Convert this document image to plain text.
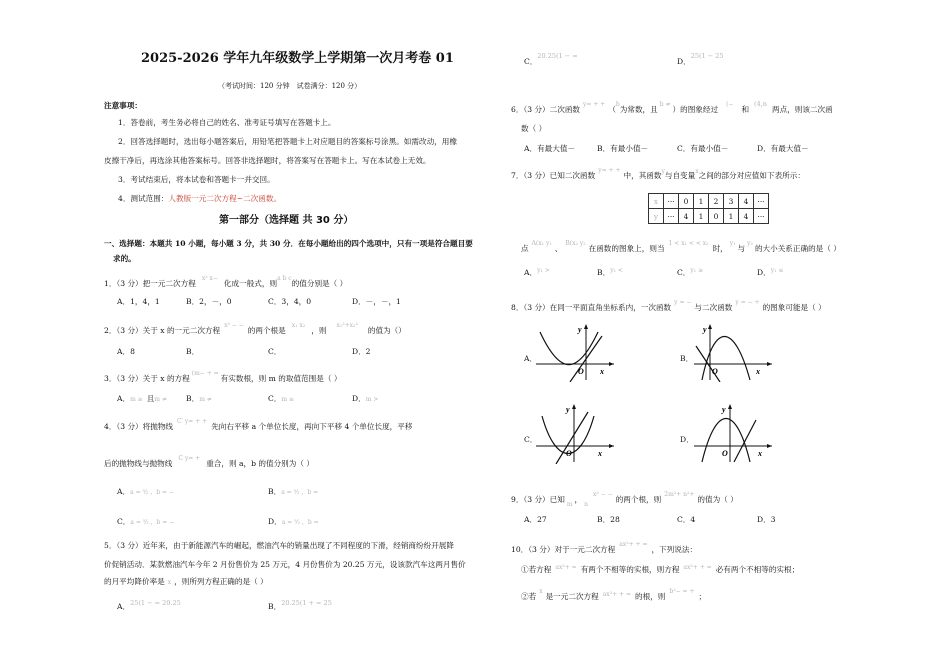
2025-2026 学年九年级数学上学期第一次月考卷 01
（考试时间：120 分钟　试卷满分：120 分）
注意事项：
1．答卷前，考生务必将自己的姓名、准考证号填写在答题卡上。
2．回答选择题时，选出每小题答案后，用铅笔把答题卡上对应题目的答案标号涂黑。如需改动，用橡
皮擦干净后，再选涂其他答案标号。回答非选择题时，将答案写在答题卡上。写在本试卷上无效。
3．考试结束后，将本试卷和答题卡一并交回。
4．测试范围：人教版一元二次方程~二次函数。
第一部分（选择题 共 30 分）
一、选择题：本题共 10 小题，每小题 3 分，共 30 分．在每小题给出的四个选项中，只有一项是符合题目要
求的。
1．（3 分）把一元二次方程$^{x^2 x-}$化成一般式，则$^{a b c}$的值分别是（ ）
A．1，4，1	B．2，－，0	C．3，4，0	D．－，－，1
2．（3 分）关于 x 的一元二次方程$^{x^2 - -}$的两个根是$^{x_1 x_2}$，则$^{x_1^2+x_2^2}$的值为（）
A．8	B．	C．	D．2
3．（3 分）关于 x 的方程$^{(m- + =}$有实数根，则 m 的取值范围是（ ）
A．m ≥ 且m ≠	B．m ≠	C．m ≥	D．m >
4．（3 分）将抛物线$^{C' y= + +}$先向右平移 a 个单位长度，再向下平移 4 个单位长度，平移
后的抛物线与抛物线$^{C y= +}$重合，则 a，b 的值分别为（ ）
A．a = ⁵⁄₂ ，b = −	B．a = ⁵⁄₂ ，b =
C．a = ⁵⁄₂ ，b = −	D．a = ⁵⁄₂ ，b =
5．（3 分）近年来，由于新能源汽车的崛起，燃油汽车的销量出现了不同程度的下滑，经销商纷纷开展降
价促销活动．某款燃油汽车今年 2 月份售价为 25 万元，4 月份售价为 20.25 万元，设该款汽车这两月售价
的月平均降价率是 x ，则所列方程正确的是（ ）
A．25(1 − = 20.25	B．20.25(1 + = 25
C．20.25(1 − =
D．25(1 − 25
6．（3 分）二次函数$^{y= + +}$（$^b$为常数，且$^{b \ne}$）的图象经过(−和(4,n两点，则该二次函
数（ ）
A．有最大值－	B．有最小值－	C．有最小值－	D．有最大值－
7．（3 分）已知二次函数$^{y= + +}$中，其函数$^y$与自变量$^x$之间的部分对应值如下表所示：
x	···	0	1	2	3	4	···
y	···	4	1	0	1	4	···
点$^{A(x_1 y_1}$、$^{B(x_2 y_2}$在函数的图象上，则当$^{1 < x_1 < < x_2}$时，$^{y_1}$与$^{y_2}$的大小关系正确的是（ ）
A．$^{y_1 >}$	B．$^{y_1 <}$	C．$^{y_1 \ge}$	D．$^{y_1 \le}$
8．（3 分）在同一平面直角坐标系内，一次函数$^{y = -}$与二次函数$^{y = - +}$的图象可能是（ ）
A．	B．
C．	D．
O x
y
O	x
y
O	x
y
O	x
y
9．（3 分）已知$_m$，$_n^{x^2 - -}$的两个根，则$^{2m^2+ n^2+}$的值为（ ）
A．27	B．28	C．4	D．3
10．（3 分）对于一元二次方程$^{ax^2+ + =}$，下列说法：
①若方程 $^{ax^2+ =}$ 有两个不相等的实根，则方程 $^{ax^2+ + =}$ 必有两个不相等的实根；
②若$^x$是一元二次方程 $^{ax^2+ + =}$ 的根，则$^{b^2- = +}$；
